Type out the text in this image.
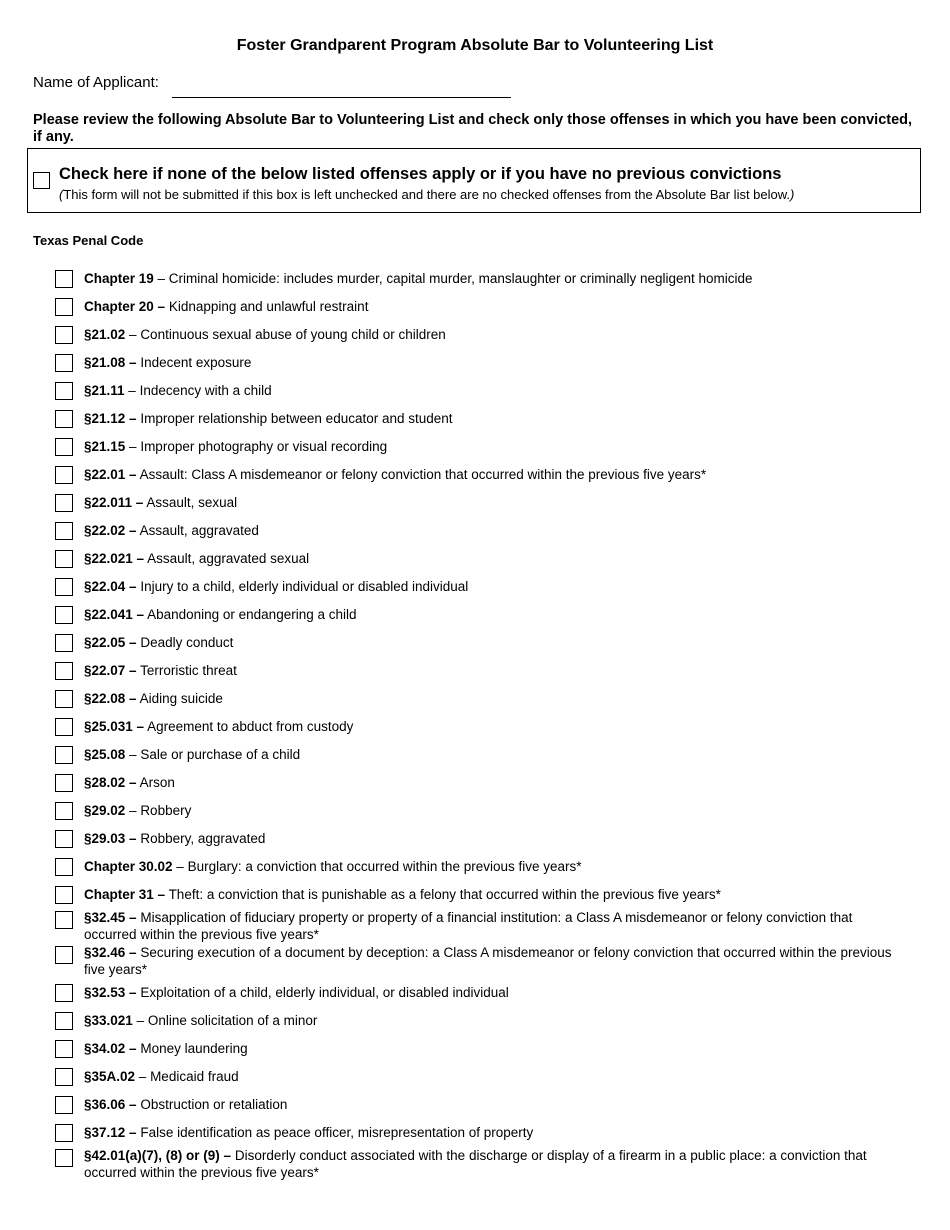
Foster Grandparent Program Absolute Bar to Volunteering List
Name of Applicant:
Please review the following Absolute Bar to Volunteering List and check only those offenses in which you have been convicted, if any.
Check here if none of the below listed offenses apply or if you have no previous convictions
(This form will not be submitted if this box is left unchecked and there are no checked offenses from the Absolute Bar list below.)
Texas Penal Code
Chapter 19 – Criminal homicide: includes murder, capital murder, manslaughter or criminally negligent homicide
Chapter 20 – Kidnapping and unlawful restraint
§21.02 – Continuous sexual abuse of young child or children
§21.08 – Indecent exposure
§21.11 – Indecency with a child
§21.12 – Improper relationship between educator and student
§21.15 – Improper photography or visual recording
§22.01 – Assault: Class A misdemeanor or felony conviction that occurred within the previous five years*
§22.011 – Assault, sexual
§22.02 – Assault, aggravated
§22.021 – Assault, aggravated sexual
§22.04 – Injury to a child, elderly individual or disabled individual
§22.041 – Abandoning or endangering a child
§22.05 – Deadly conduct
§22.07 – Terroristic threat
§22.08 – Aiding suicide
§25.031 – Agreement to abduct from custody
§25.08 – Sale or purchase of a child
§28.02 – Arson
§29.02 – Robbery
§29.03 – Robbery, aggravated
Chapter 30.02 – Burglary: a conviction that occurred within the previous five years*
Chapter 31 – Theft: a conviction that is punishable as a felony that occurred within the previous five years*
§32.45 – Misapplication of fiduciary property or property of a financial institution: a Class A misdemeanor or felony conviction that occurred within the previous five years*
§32.46 – Securing execution of a document by deception: a Class A misdemeanor or felony conviction that occurred within the previous five years*
§32.53 – Exploitation of a child, elderly individual, or disabled individual
§33.021 – Online solicitation of a minor
§34.02 – Money laundering
§35A.02 – Medicaid fraud
§36.06 – Obstruction or retaliation
§37.12 – False identification as peace officer, misrepresentation of property
§42.01(a)(7), (8) or (9) – Disorderly conduct associated with the discharge or display of a firearm in a public place: a conviction that occurred within the previous five years*
